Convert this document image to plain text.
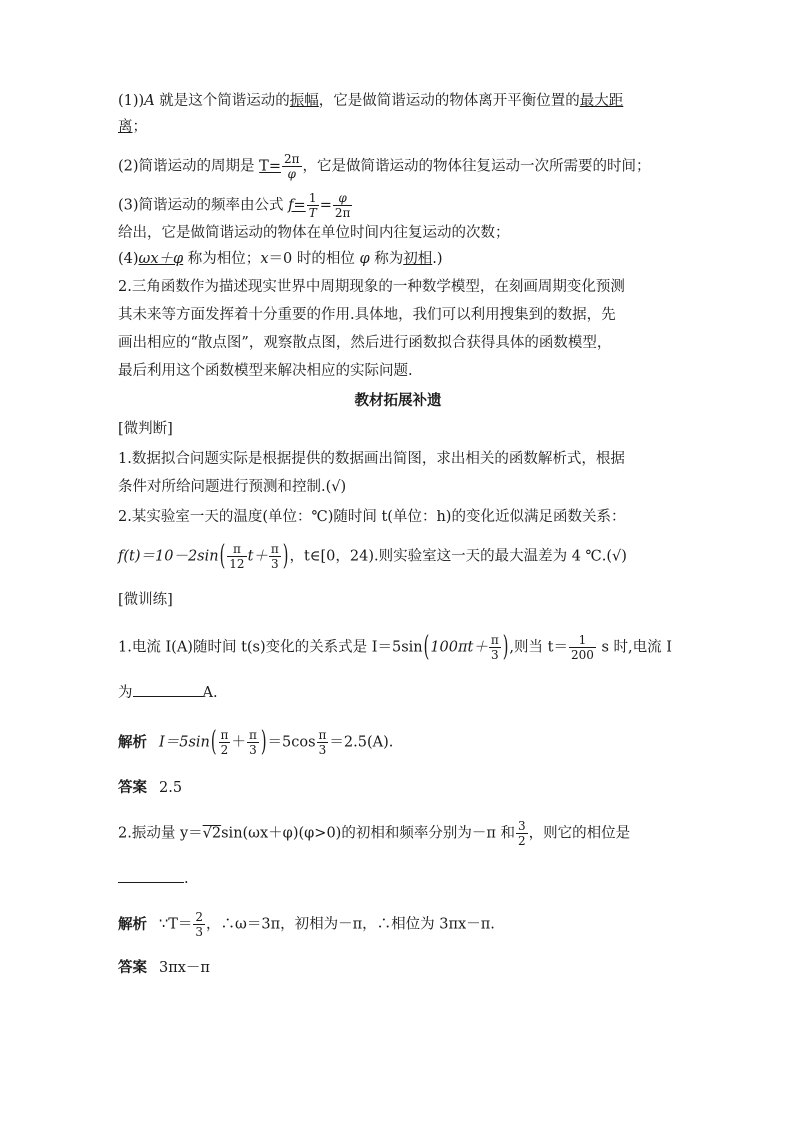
(1))A 就是这个简谐运动的振幅，它是做简谐运动的物体离开平衡位置的最大距
离；
(2)简谐运动的周期是 $T= \frac{2\pi}{\varphi}$ ，它是做简谐运动的物体往复运动一次所需要的时间；
(3)简谐运动的频率由公式 $f= \frac{1}{T} = \frac{\varphi}{2\pi}$
给出，它是做简谐运动的物体在单位时间内往复运动的次数；
(4)ωx＋φ 称为相位；x＝0 时的相位 φ 称为初相.)
2.三角函数作为描述现实世界中周期现象的一种数学模型，在刻画周期变化预测
其未来等方面发挥着十分重要的作用.具体地，我们可以利用搜集到的数据，先
画出相应的“散点图”，观察散点图，然后进行函数拟合获得具体的函数模型，
最后利用这个函数模型来解决相应的实际问题.
教材拓展补遗
[微判断]
1.数据拟合问题实际是根据提供的数据画出简图，求出相关的函数解析式，根据
条件对所给问题进行预测和控制.(√)
2.某实验室一天的温度(单位：℃)随时间 t(单位：h)的变化近似满足函数关系：
$f(t)=10-2\sin( \frac{\pi}{12} t+ \frac{\pi}{3}$ )，t∈[0，24).则实验室这一天的最大温差为 4 ℃.(√)
[微训练]
1.电流 I(A)随时间 t(s)变化的关系式是 $I=5\sin(100\pi t+ \frac{\pi}{3}$ ),则当 $t= \frac{1}{200}$ s 时,电流 I
为	A.
解析 $I=5\sin( \frac{\pi}{2} + \frac{\pi}{3} )=5\cos \frac{\pi}{3} =2.5(A)$.
答案 2.5
2.振动量 y＝√2sin(ωx＋φ)(φ>0)的初相和频率分别为－π 和 $\frac{3}{2}$ ，则它的相位是
.
解析 ∵T＝ $\frac{2}{3}$ ，∴ω＝3π，初相为－π，∴相位为 3πx－π.
答案 3πx－π
